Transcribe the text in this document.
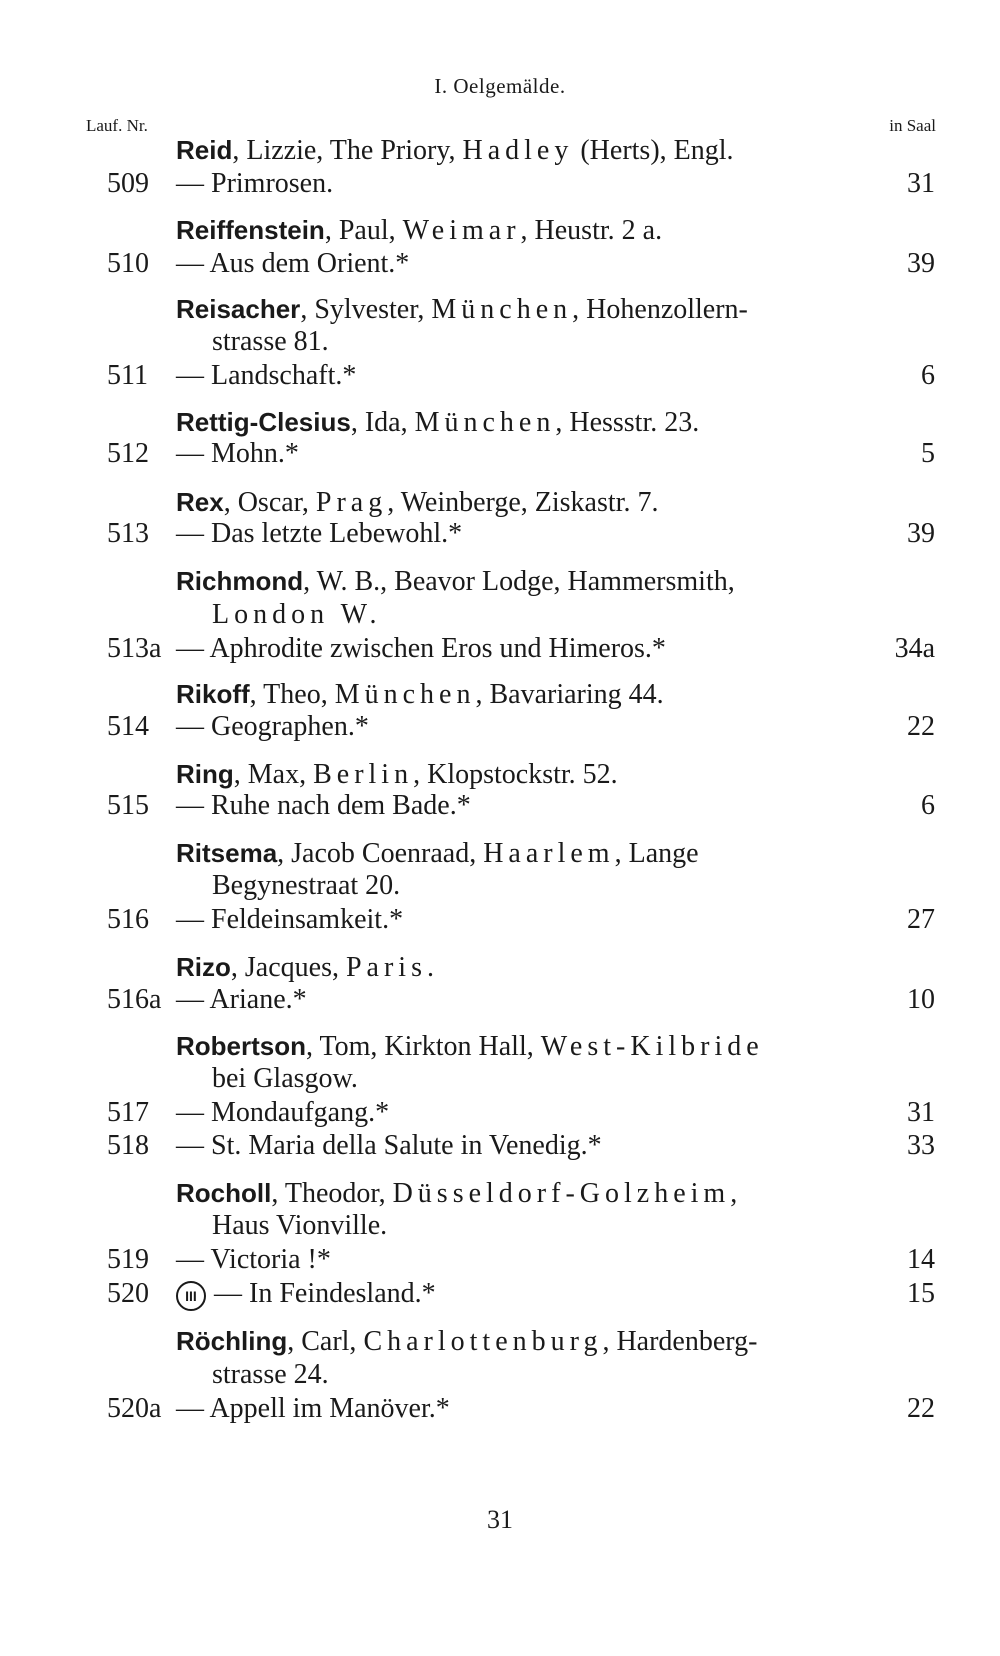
I. Oelgemälde.
Lauf. Nr.	in Saal
Reid, Lizzie, The Priory, Hadley (Herts), Engl.
509 — Primrosen.	31
Reiffenstein, Paul, Weimar, Heustr. 2 a.
510 — Aus dem Orient.*	39
Reisacher, Sylvester, München, Hohenzollern-
strasse 81.
511 — Landschaft.*	6
Rettig-Clesius, Ida, München, Hessstr. 23.
512 — Mohn.*	5
Rex, Oscar, Prag, Weinberge, Ziskastr. 7.
513 — Das letzte Lebewohl.*	39
Richmond, W. B., Beavor Lodge, Hammersmith,
London W.
513a — Aphrodite zwischen Eros und Himeros.*	34a
Rikoff, Theo, München, Bavariaring 44.
514 — Geographen.*	22
Ring, Max, Berlin, Klopstockstr. 52.
515 — Ruhe nach dem Bade.*	6
Ritsema, Jacob Coenraad, Haarlem, Lange
Begynestraat 20.
516 — Feldeinsamkeit.*	27
Rizo, Jacques, Paris.
516a — Ariane.*	10
Robertson, Tom, Kirkton Hall, West-Kilbride
bei Glasgow.
517 — Mondaufgang.*	31
518 — St. Maria della Salute in Venedig.*	33
Rocholl, Theodor, Düsseldorf-Golzheim,
Haus Vionville.
519 — Victoria !*	14
520	III — In Feindesland.*	15
Röchling, Carl, Charlottenburg, Hardenberg-
strasse 24.
520a — Appell im Manöver.*	22
31
